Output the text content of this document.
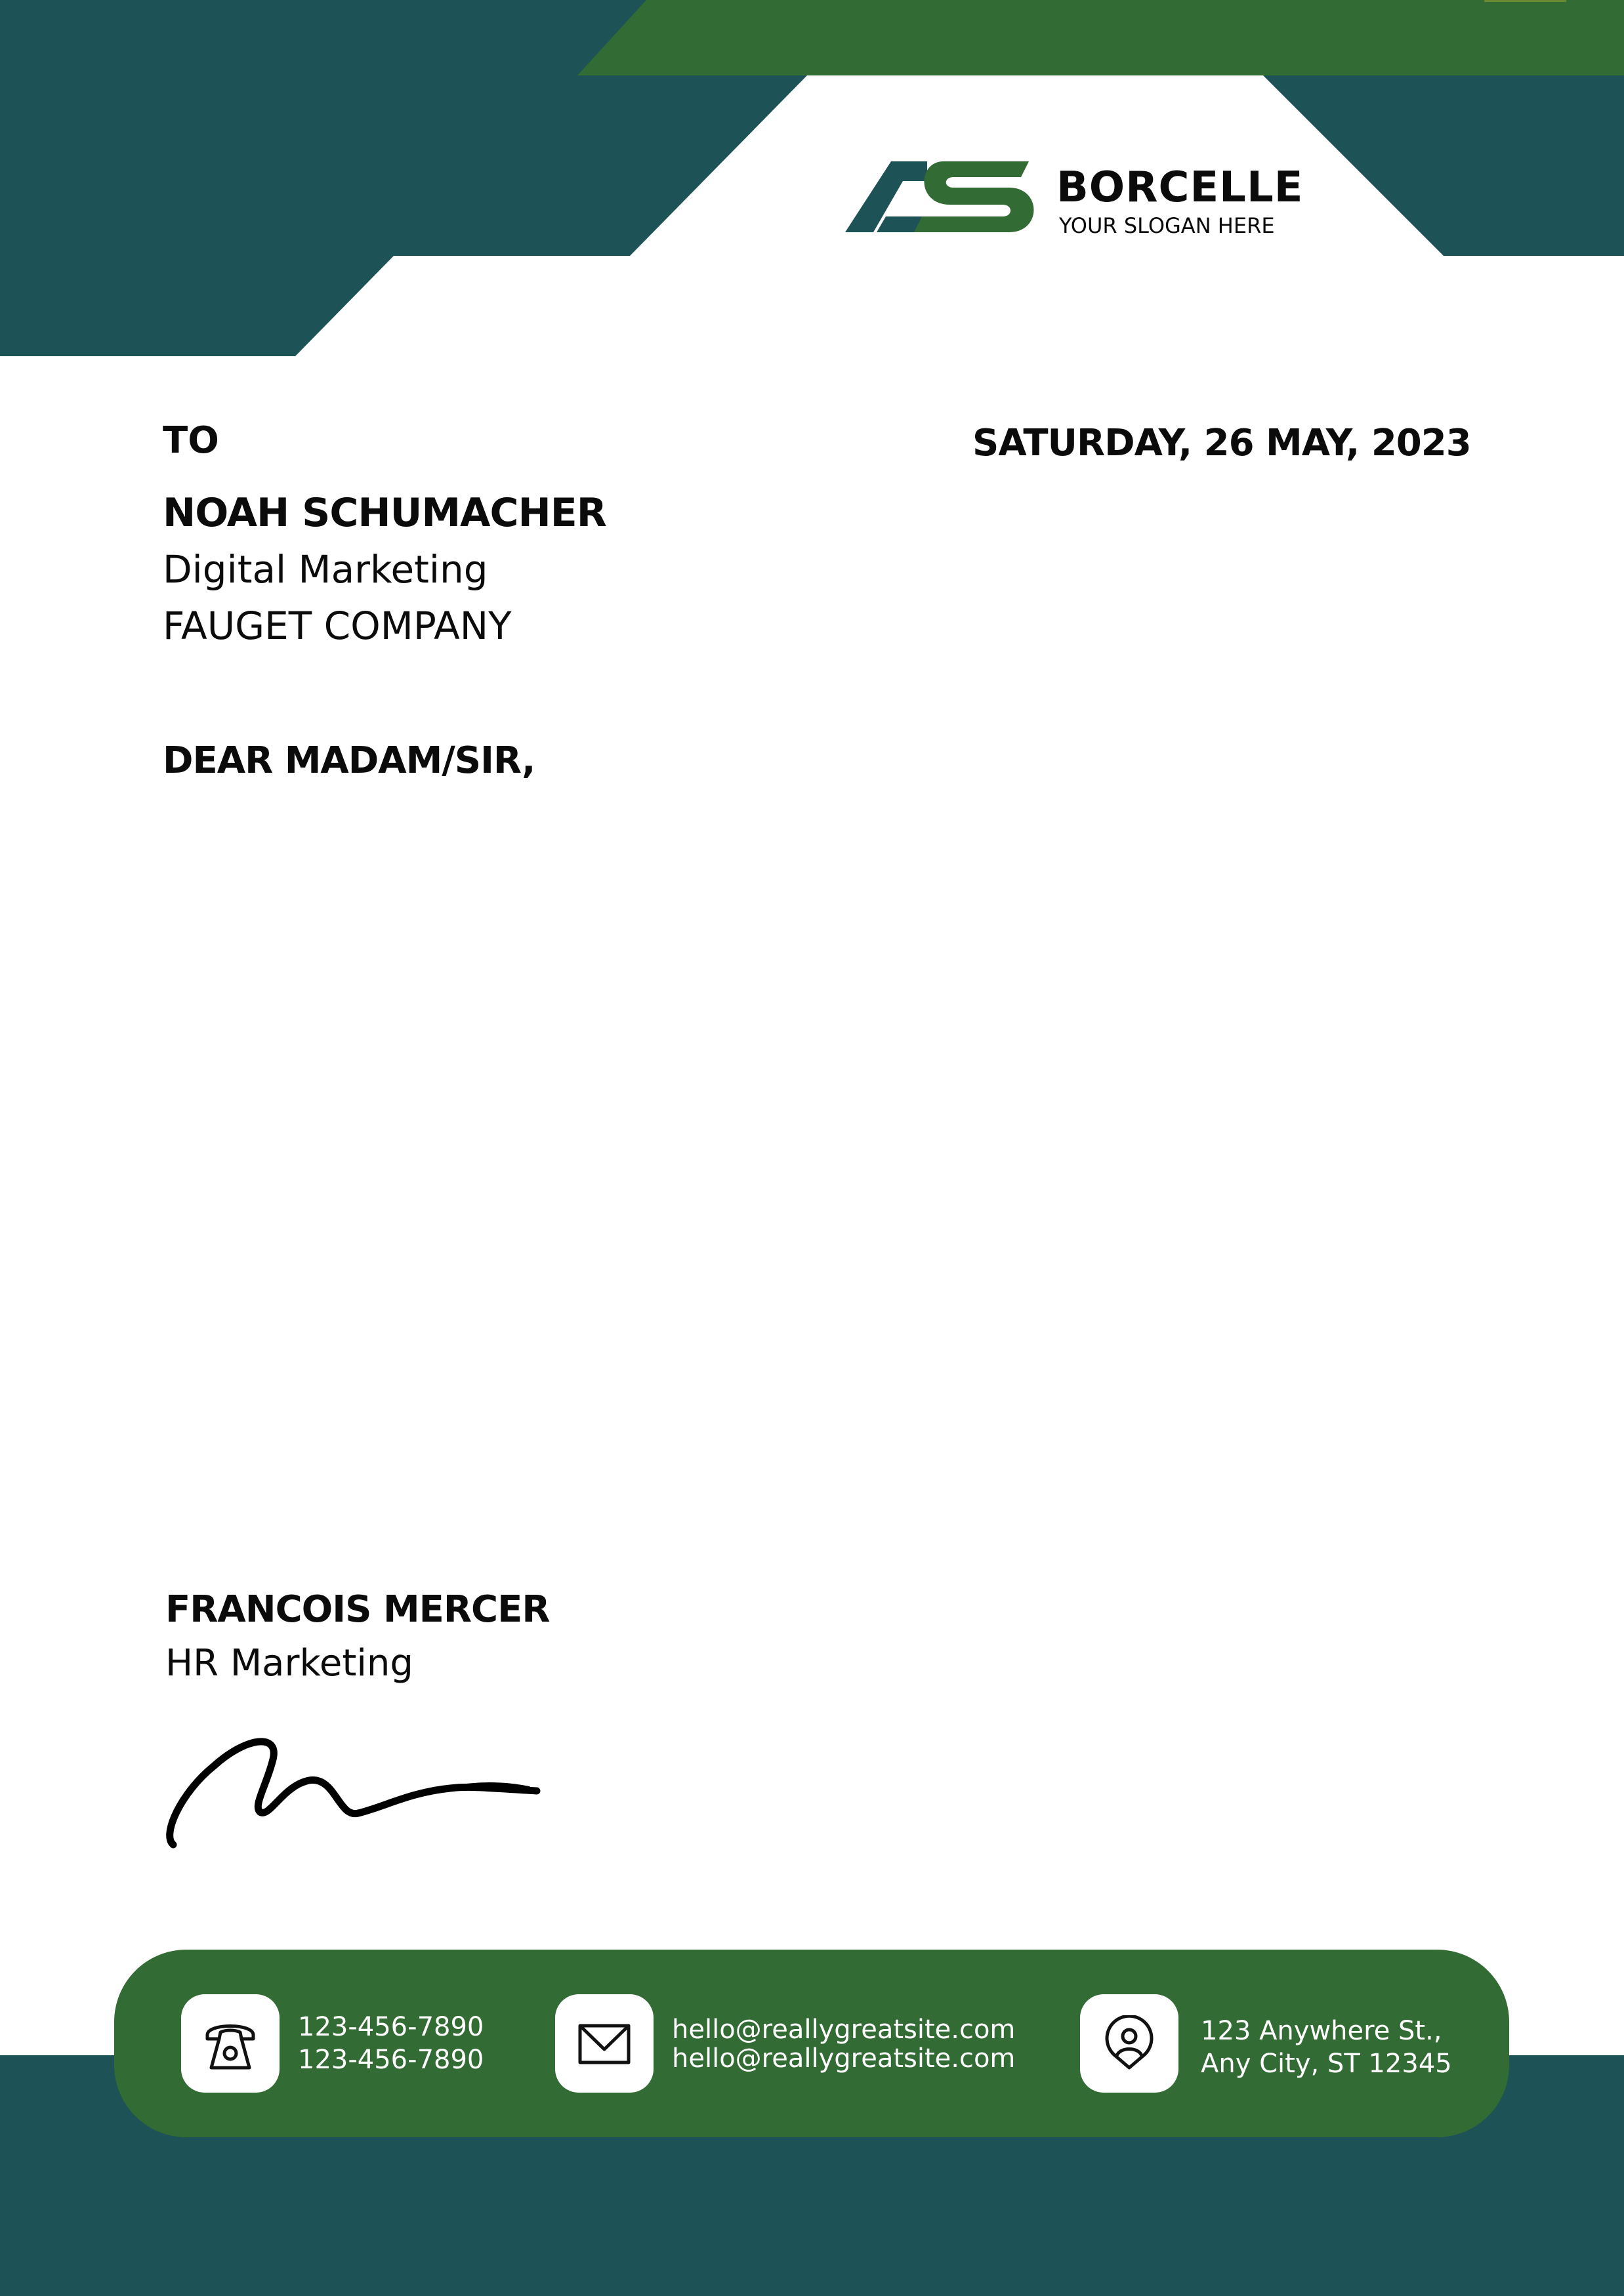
BORCELLE
YOUR SLOGAN HERE
TO	SATURDAY, 26 MAY, 2023
NOAH SCHUMACHER
Digital Marketing
FAUGET COMPANY
DEAR MADAM/SIR,
FRANCOIS MERCER
HR Marketing
123-456-7890
123-456-7890
hello@reallygreatsite.com
hello@reallygreatsite.com
123 Anywhere St.,
Any City, ST 12345
